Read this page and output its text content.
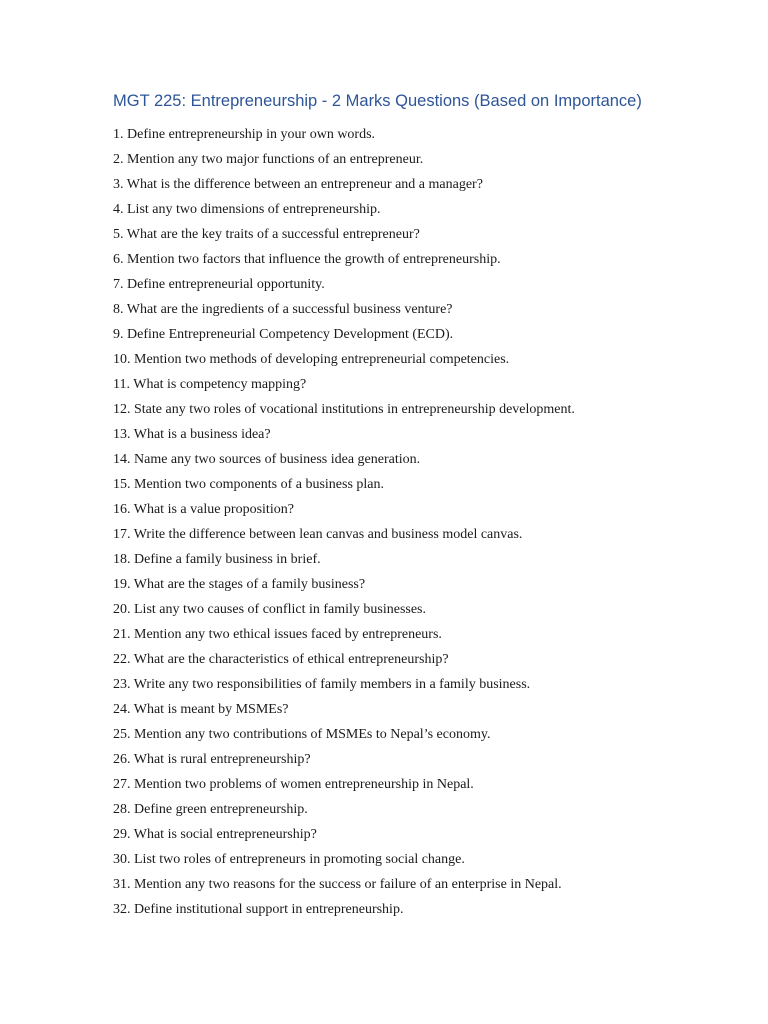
MGT 225: Entrepreneurship - 2 Marks Questions (Based on Importance)
1. Define entrepreneurship in your own words.
2. Mention any two major functions of an entrepreneur.
3. What is the difference between an entrepreneur and a manager?
4. List any two dimensions of entrepreneurship.
5. What are the key traits of a successful entrepreneur?
6. Mention two factors that influence the growth of entrepreneurship.
7. Define entrepreneurial opportunity.
8. What are the ingredients of a successful business venture?
9. Define Entrepreneurial Competency Development (ECD).
10. Mention two methods of developing entrepreneurial competencies.
11. What is competency mapping?
12. State any two roles of vocational institutions in entrepreneurship development.
13. What is a business idea?
14. Name any two sources of business idea generation.
15. Mention two components of a business plan.
16. What is a value proposition?
17. Write the difference between lean canvas and business model canvas.
18. Define a family business in brief.
19. What are the stages of a family business?
20. List any two causes of conflict in family businesses.
21. Mention any two ethical issues faced by entrepreneurs.
22. What are the characteristics of ethical entrepreneurship?
23. Write any two responsibilities of family members in a family business.
24. What is meant by MSMEs?
25. Mention any two contributions of MSMEs to Nepal’s economy.
26. What is rural entrepreneurship?
27. Mention two problems of women entrepreneurship in Nepal.
28. Define green entrepreneurship.
29. What is social entrepreneurship?
30. List two roles of entrepreneurs in promoting social change.
31. Mention any two reasons for the success or failure of an enterprise in Nepal.
32. Define institutional support in entrepreneurship.
